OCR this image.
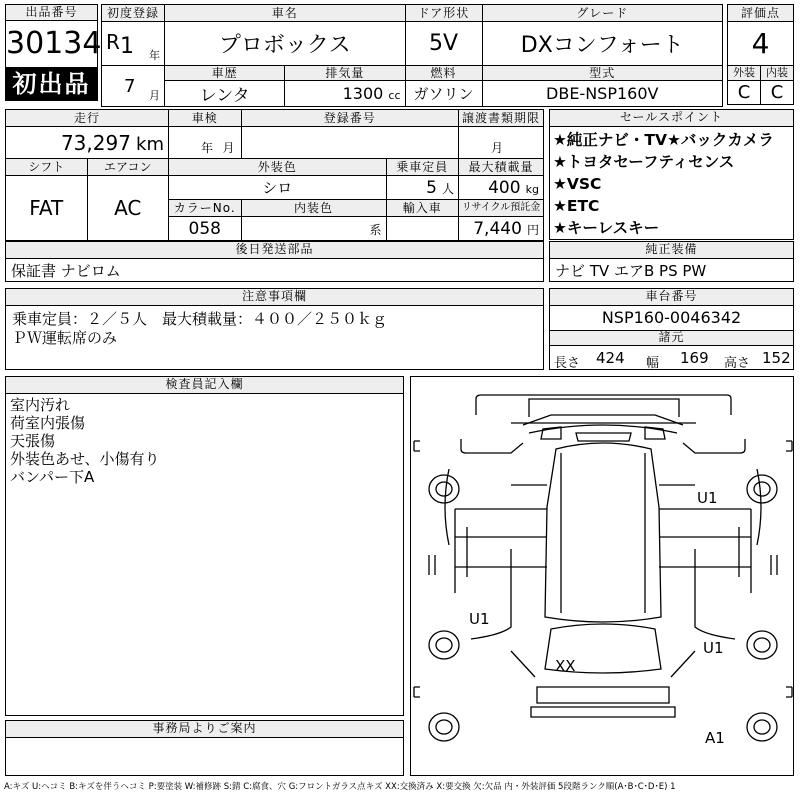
出品番号
30134
初出品
初度登録	車名		ドア形状	グレード

R 1 年	プロボックス		5V	DXコンフォート

7 月	車歴	排気量	燃料	型式
	レンタ	1300 cc	ガソリン	DBE-NSP160V
評価点	
4	
外装	内装
C	C
走行		車検	登録番号		譲渡書類期限
73,297 km		年 月			月

シフト	エアコン	外装色		乗車定員	最大積載量
FAT	AC	シロ		5 人	400 kg
		カラーNo.	内装色	輸入車	リサイクル預託金
		058	系		7,440 円
セールスポイント
★純正ナビ・TV★バックカメラ
★トヨタセーフティセンス
★VSC
★ETC
★キーレスキー
後日発送部品
保証書 ナビロム
純正装備
ナビ TV エアB PS PW
注意事項欄
乗車定員：２／５人　最大積載量：４００／２５０ｋｇ
ＰＷ運転席のみ
車台番号
NSP160-0046342
諸元
長さ 424 幅 169 高さ 152
検査員記入欄
室内汚れ
荷室内張傷
天張傷
外装色あせ、小傷有り
バンパー下A
事務局よりご案内
U1
U1
U1
XX
A1
A:キズ U:ヘコミ B:キズを伴うヘコミ P:要塗装 W:補修跡 S:錆 C:腐食、穴 G:フロントガラス点キズ XX:交換済み X:要交換 欠:欠品 内・外装評価 5段階ランク順(A･B･C･D･E) 1
